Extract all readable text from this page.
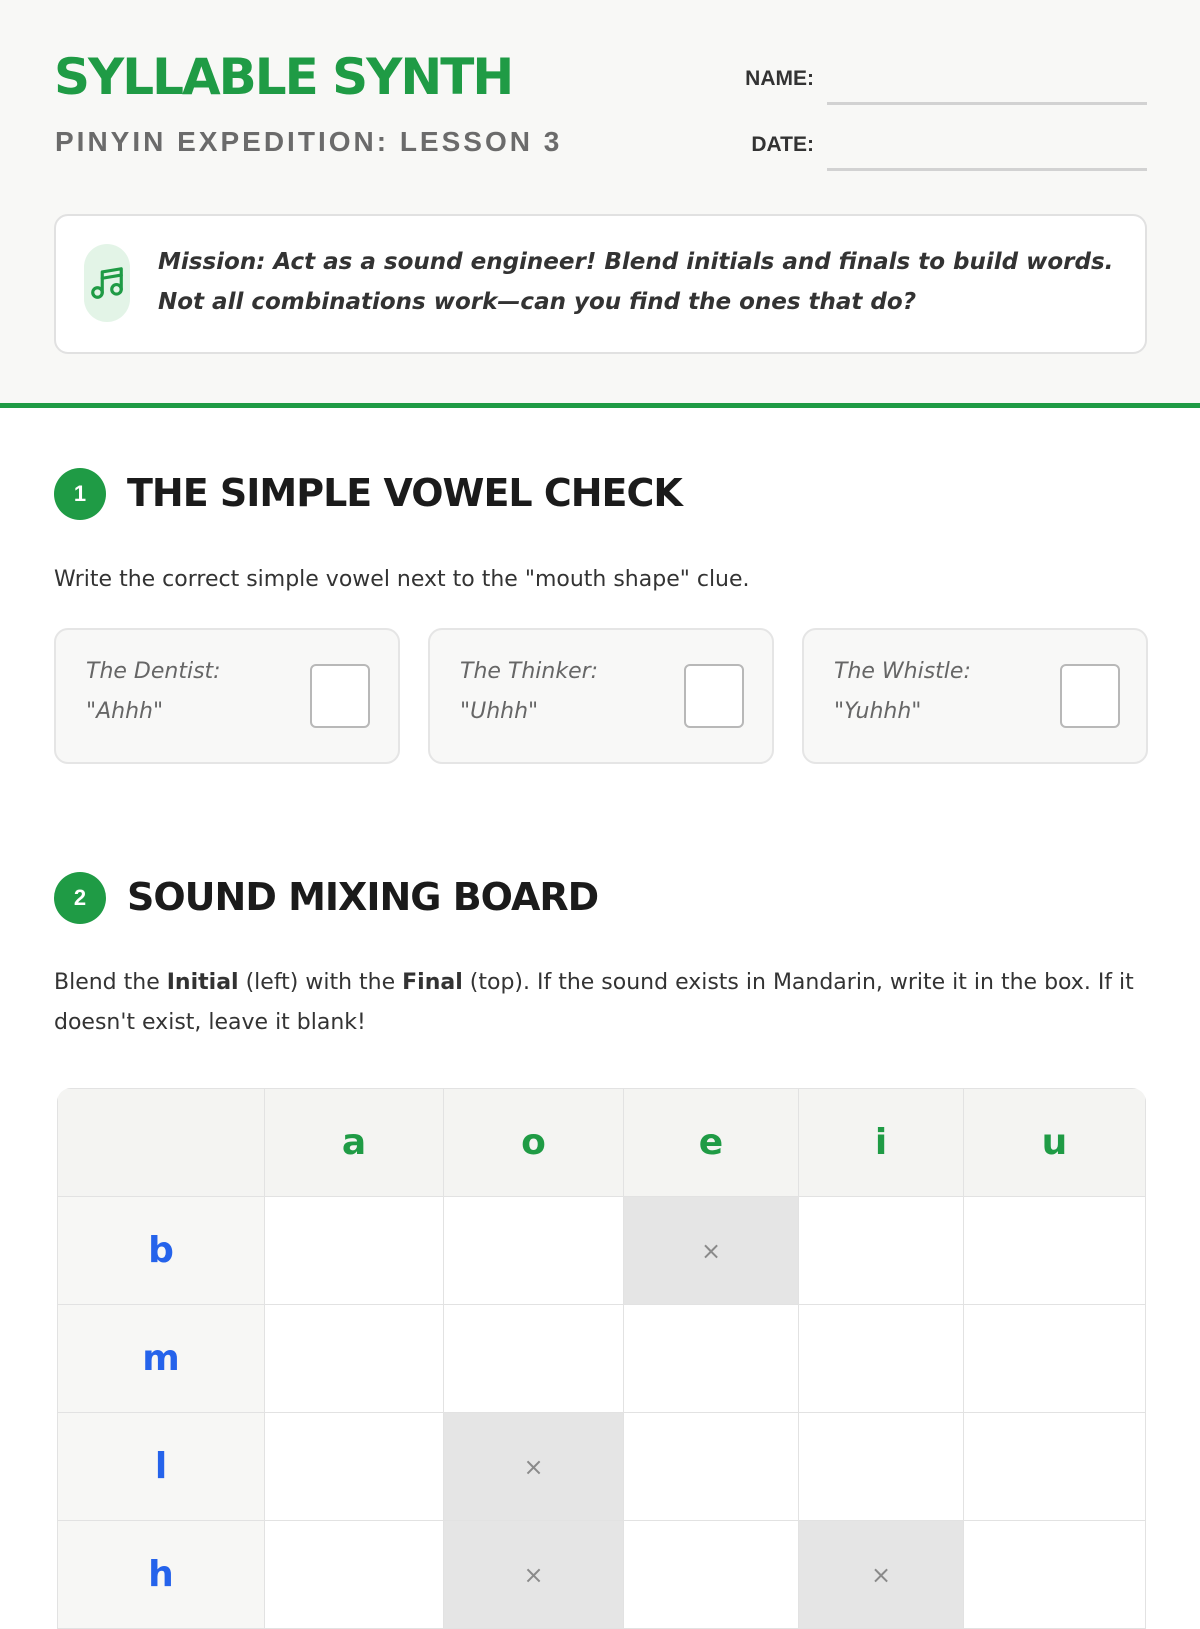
SYLLABLE SYNTH
PINYIN EXPEDITION: LESSON 3
NAME:
DATE:
Mission: Act as a sound engineer! Blend initials and finals to build words. Not all combinations work—can you find the ones that do?
1	THE SIMPLE VOWEL CHECK
Write the correct simple vowel next to the "mouth shape" clue.
The Dentist:
"Ahhh"
The Thinker:
"Uhhh"
The Whistle:
"Yuhhh"
2	SOUND MIXING BOARD
Blend the Initial (left) with the Final (top). If the sound exists in Mandarin, write it in the box. If it doesn't exist, leave it blank!
	a	o	e	i	u
b			×		
m					
l		×			
h		×		×	
